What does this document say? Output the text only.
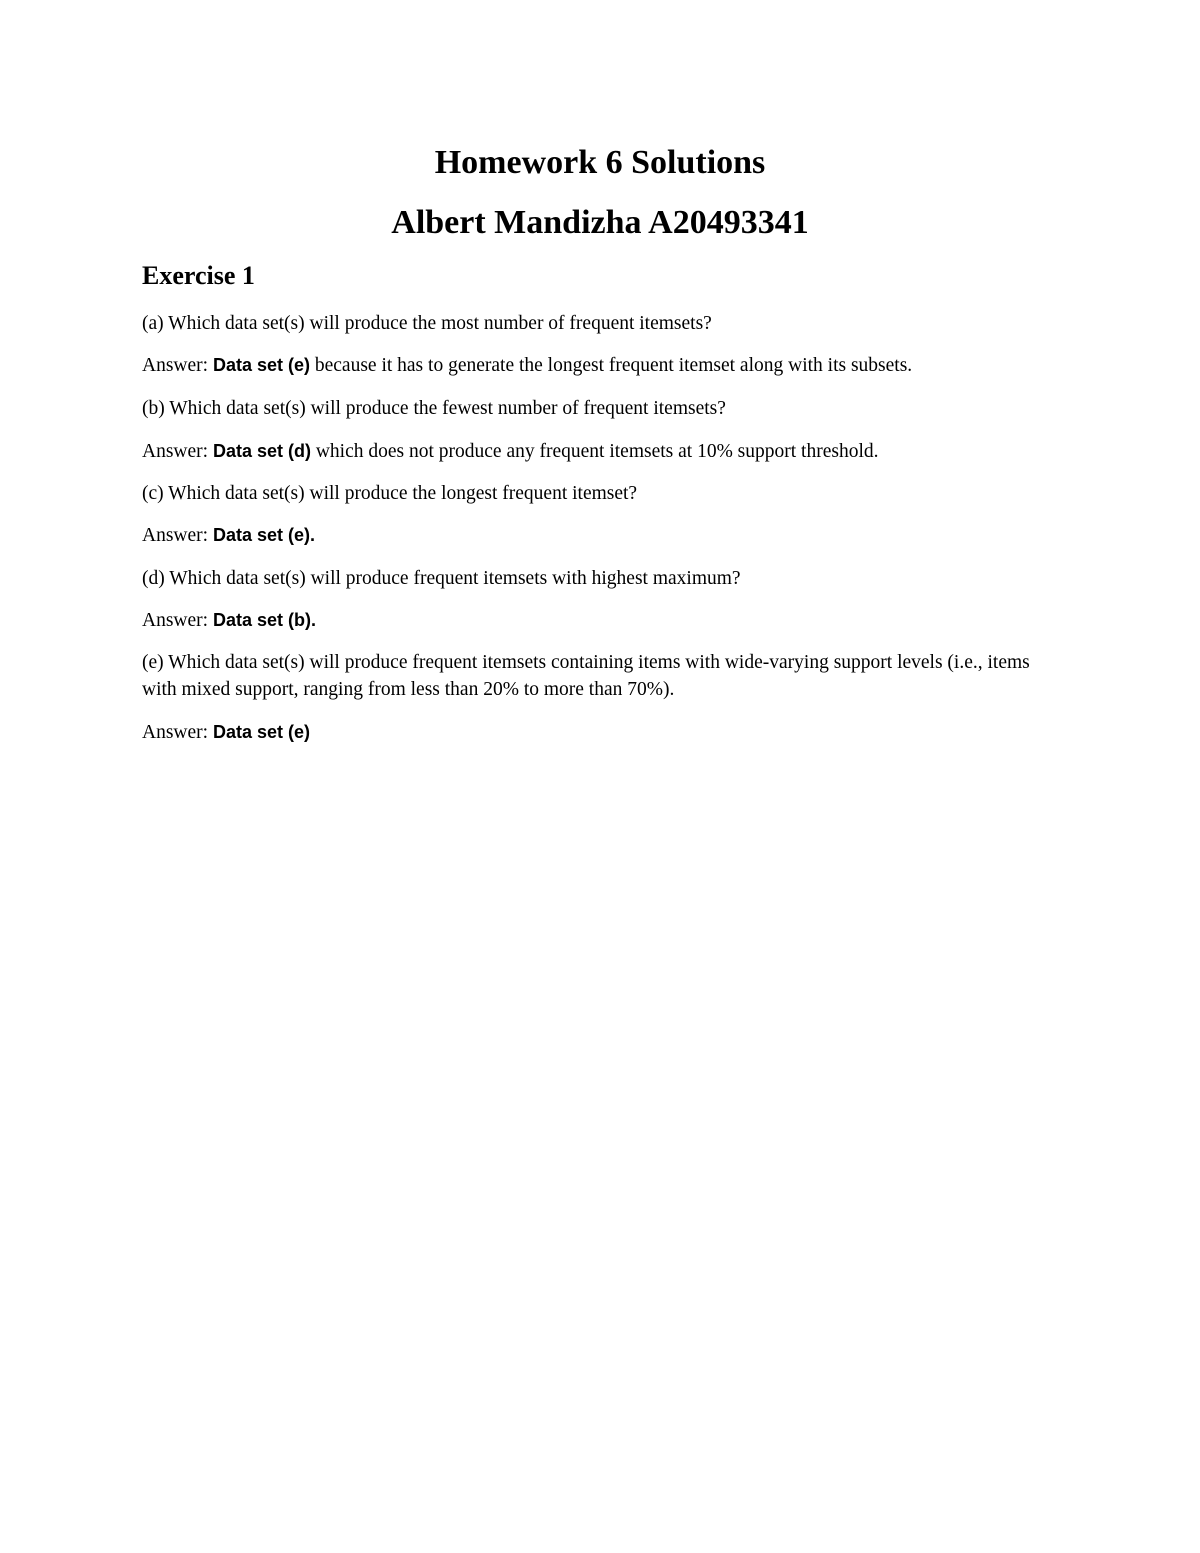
Homework 6 Solutions
Albert Mandizha A20493341
Exercise 1

(a) Which data set(s) will produce the most number of frequent itemsets?

Answer: Data set (e) because it has to generate the longest frequent itemset along with its subsets.

(b) Which data set(s) will produce the fewest number of frequent itemsets?

Answer: Data set (d) which does not produce any frequent itemsets at 10% support threshold.

(c) Which data set(s) will produce the longest frequent itemset?

Answer: Data set (e).

(d) Which data set(s) will produce frequent itemsets with highest maximum?

Answer: Data set (b).

(e) Which data set(s) will produce frequent itemsets containing items with wide-varying support levels (i.e., items with mixed support, ranging from less than 20% to more than 70%).

Answer: Data set (e)
